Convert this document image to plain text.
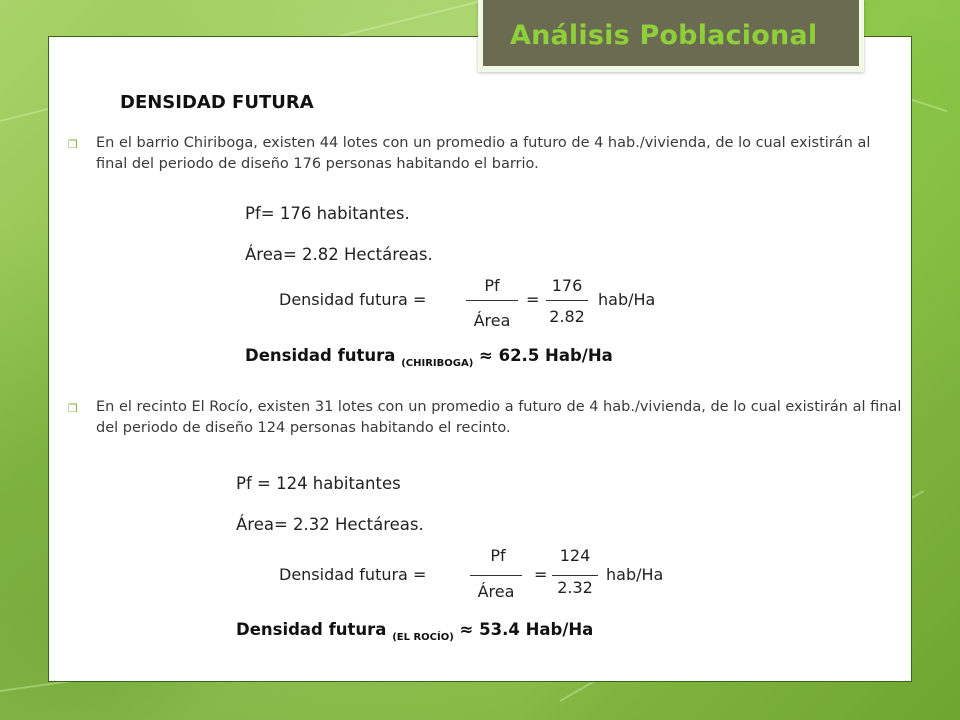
Análisis Poblacional
DENSIDAD FUTURA
❒ En el barrio Chiriboga, existen 44 lotes con un promedio a futuro de 4 hab./vivienda, de lo cual existirán al final del periodo de diseño 176 personas habitando el barrio.
Pf= 176 habitantes.
Área= 2.82 Hectáreas.
Densidad futura =
Pf
Área
=
176
2.82
hab/Ha
Densidad futura $_{(CHIRIBOGA)}$ ≈ 62.5 Hab/Ha
❒ En el recinto El Rocío, existen 31 lotes con un promedio a futuro de 4 hab./vivienda, de lo cual existirán al final del periodo de diseño 124 personas habitando el recinto.
Pf = 124 habitantes
Área= 2.32 Hectáreas.
Densidad futura =
Pf
Área
=
124
2.32
hab/Ha
Densidad futura $_{(EL ROCÍO)}$ ≈ 53.4 Hab/Ha
